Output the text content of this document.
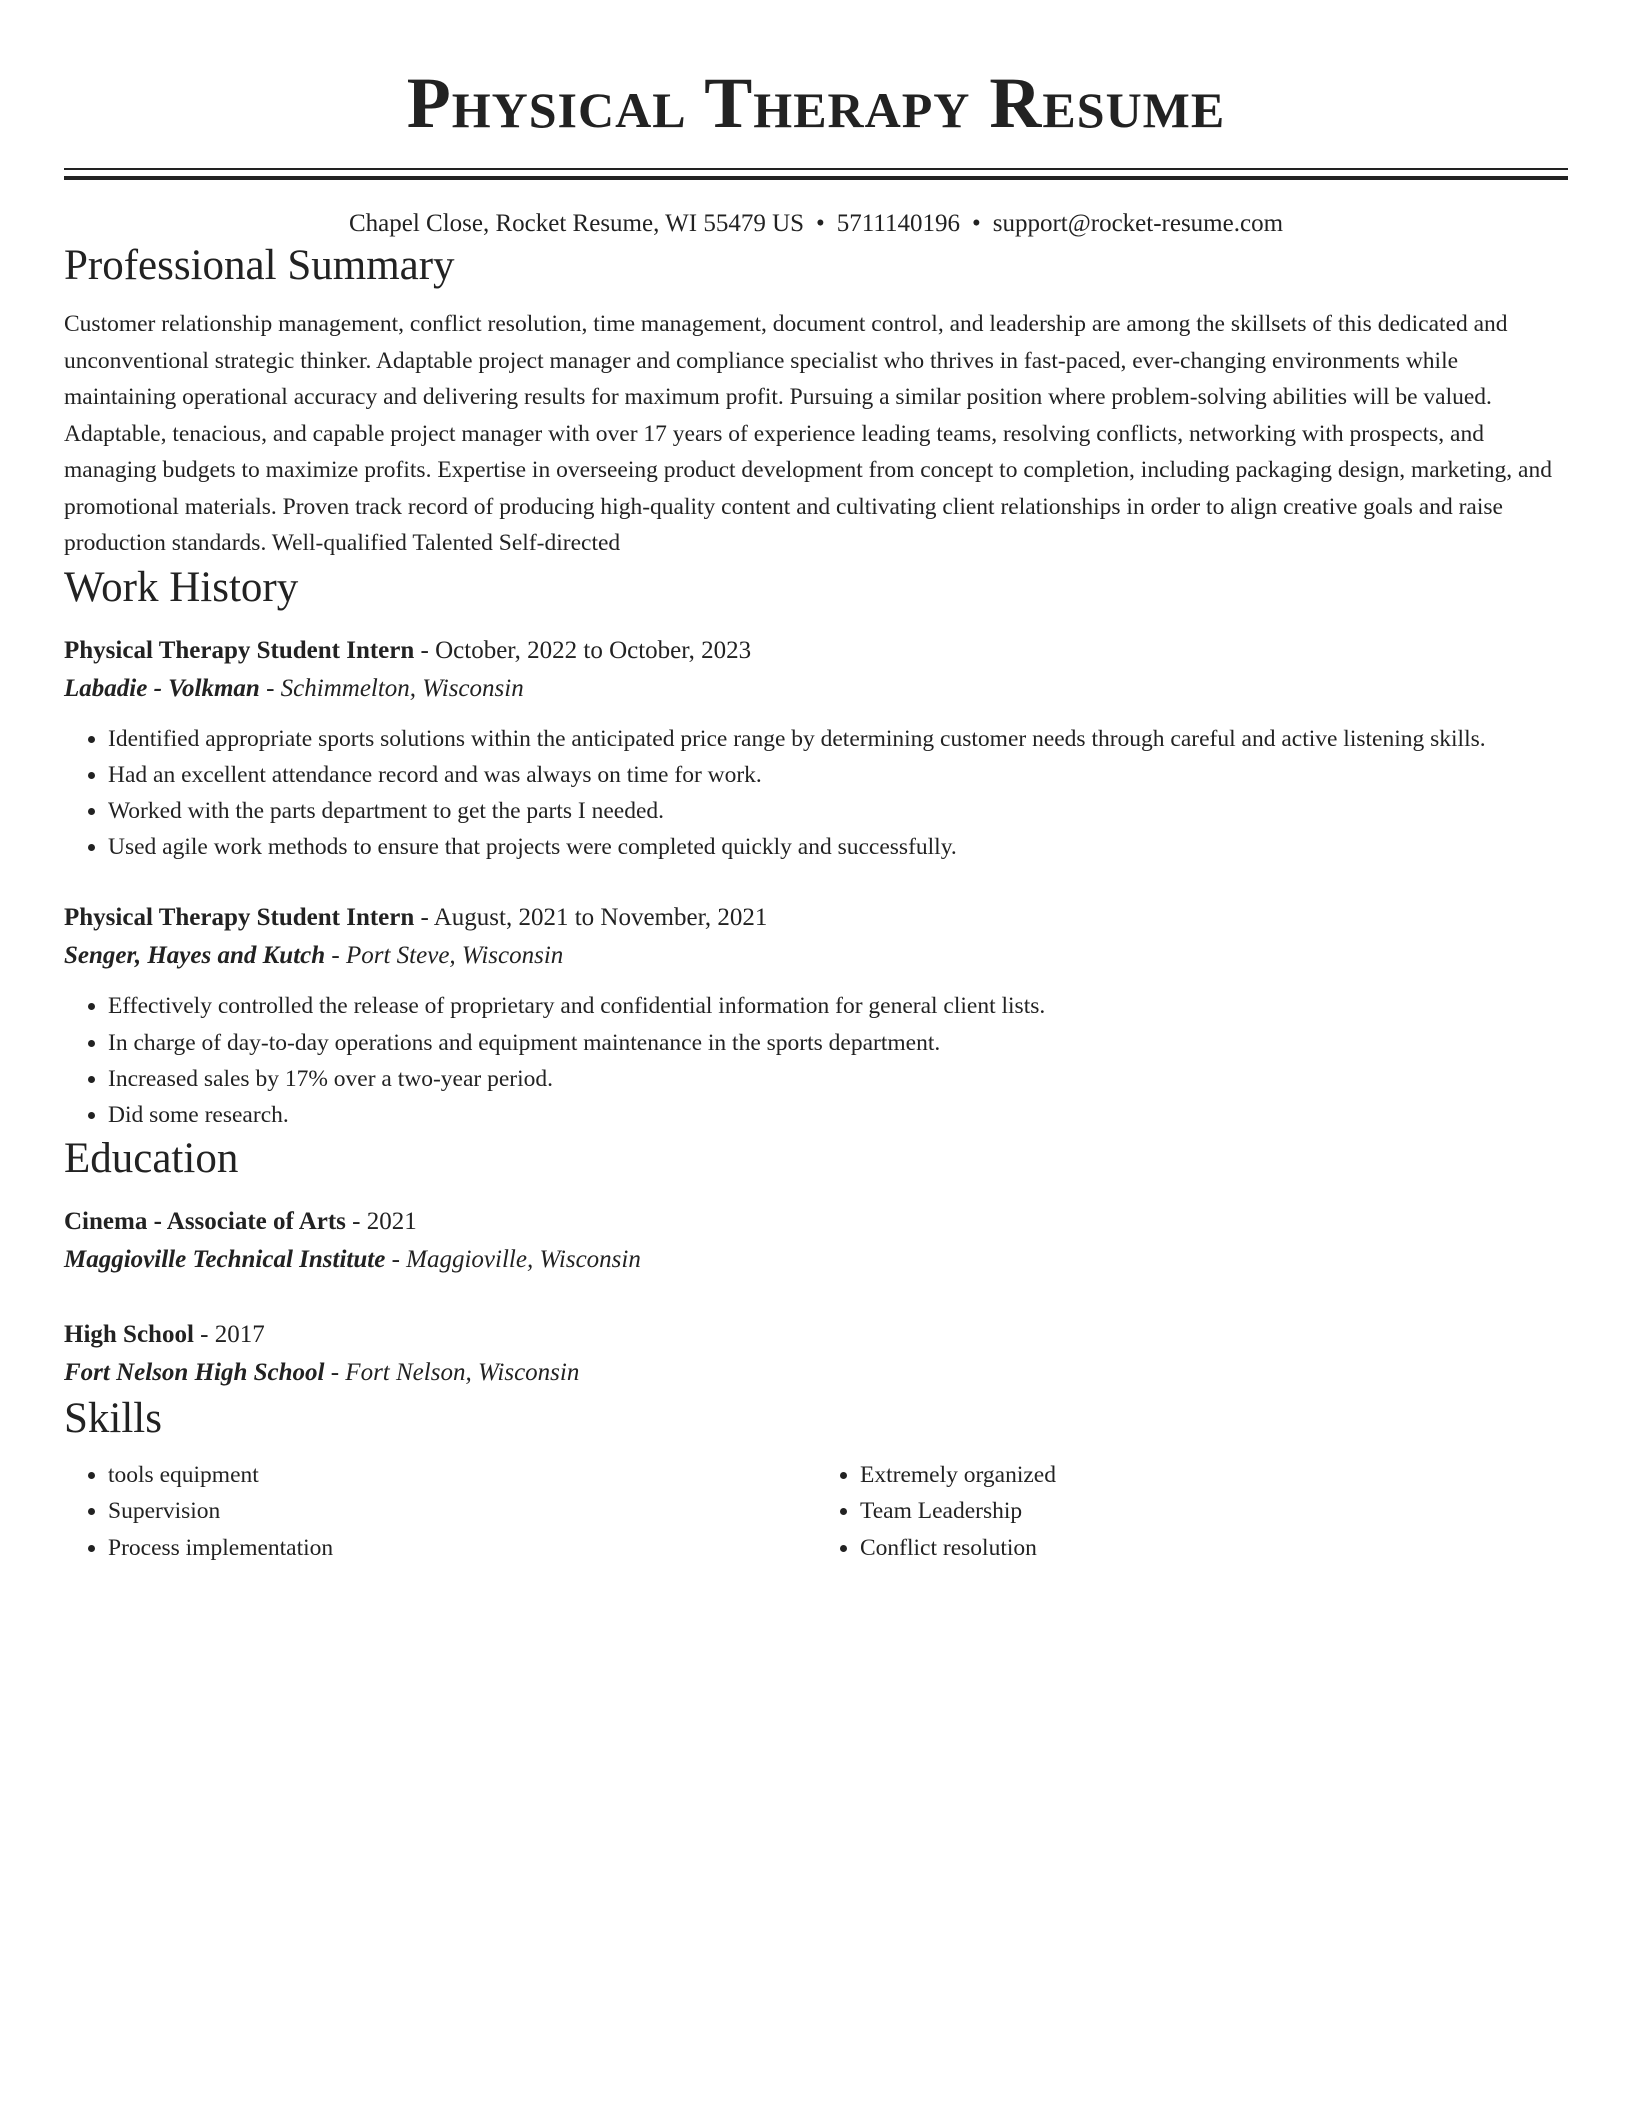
Physical Therapy Resume
Chapel Close, Rocket Resume, WI 55479 US • 5711140196 • support@rocket-resume.com
Professional Summary

Customer relationship management, conflict resolution, time management, document control, and leadership are among the skillsets of this dedicated and unconventional strategic thinker. Adaptable project manager and compliance specialist who thrives in fast-paced, ever-changing environments while maintaining operational accuracy and delivering results for maximum profit. Pursuing a similar position where problem-solving abilities will be valued. Adaptable, tenacious, and capable project manager with over 17 years of experience leading teams, resolving conflicts, networking with prospects, and managing budgets to maximize profits. Expertise in overseeing product development from concept to completion, including packaging design, marketing, and promotional materials. Proven track record of producing high-quality content and cultivating client relationships in order to align creative goals and raise production standards. Well-qualified Talented Self-directed

Work History
Physical Therapy Student Intern - October, 2022 to October, 2023
Labadie - Volkman - Schimmelton, Wisconsin
• Identified appropriate sports solutions within the anticipated price range by determining customer needs through careful and active listening skills.
• Had an excellent attendance record and was always on time for work.
• Worked with the parts department to get the parts I needed.
• Used agile work methods to ensure that projects were completed quickly and successfully.
Physical Therapy Student Intern - August, 2021 to November, 2021
Senger, Hayes and Kutch - Port Steve, Wisconsin
• Effectively controlled the release of proprietary and confidential information for general client lists.
• In charge of day-to-day operations and equipment maintenance in the sports department.
• Increased sales by 17% over a two-year period.
• Did some research.
Education
Cinema - Associate of Arts - 2021
Maggioville Technical Institute - Maggioville, Wisconsin
High School - 2017
Fort Nelson High School - Fort Nelson, Wisconsin
Skills
• tools equipment
• Supervision
• Process implementation
• Extremely organized
• Team Leadership
• Conflict resolution
